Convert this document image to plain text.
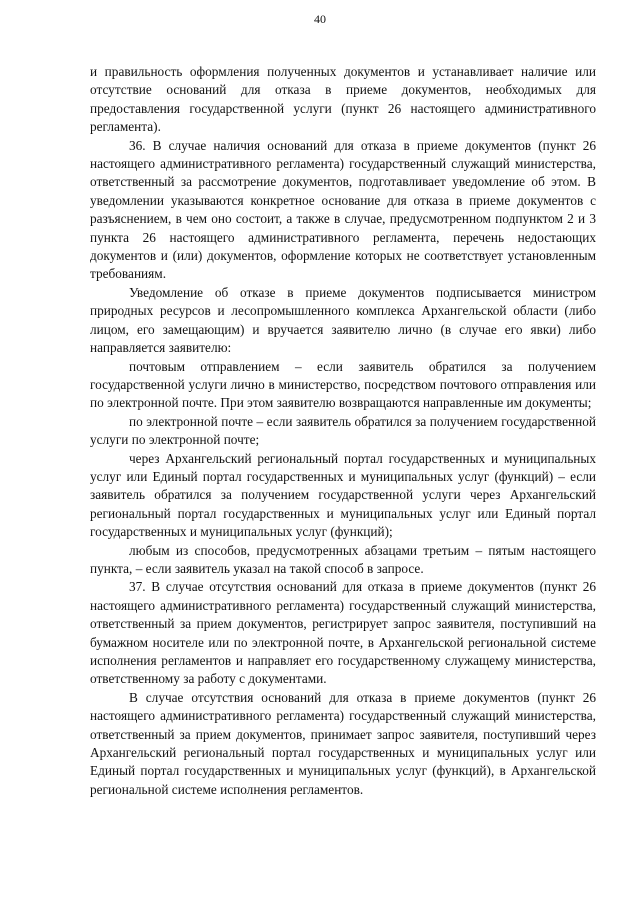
40

и правильность оформления полученных документов и устанавливает наличие или отсутствие оснований для отказа в приеме документов, необходимых для предоставления государственной услуги (пункт 26 настоящего административного регламента).

36. В случае наличия оснований для отказа в приеме документов (пункт 26 настоящего административного регламента) государственный служащий министерства, ответственный за рассмотрение документов, подготавливает уведомление об этом. В уведомлении указываются конкретное основание для отказа в приеме документов с разъяснением, в чем оно состоит, а также в случае, предусмотренном подпунктом 2 и 3 пункта 26 настоящего административного регламента, перечень недостающих документов и (или) документов, оформление которых не соответствует установленным требованиям.

Уведомление об отказе в приеме документов подписывается министром природных ресурсов и лесопромышленного комплекса Архангельской области (либо лицом, его замещающим) и вручается заявителю лично (в случае его явки) либо направляется заявителю:

почтовым отправлением – если заявитель обратился за получением государственной услуги лично в министерство, посредством почтового отправления или по электронной почте. При этом заявителю возвращаются направленные им документы;

по электронной почте – если заявитель обратился за получением государственной услуги по электронной почте;

через Архангельский региональный портал государственных и муниципальных услуг или Единый портал государственных и муниципальных услуг (функций) – если заявитель обратился за получением государственной услуги через Архангельский региональный портал государственных и муниципальных услуг или Единый портал государственных и муниципальных услуг (функций);

любым из способов, предусмотренных абзацами третьим – пятым настоящего пункта, – если заявитель указал на такой способ в запросе.

37. В случае отсутствия оснований для отказа в приеме документов (пункт 26 настоящего административного регламента) государственный служащий министерства, ответственный за прием документов, регистрирует запрос заявителя, поступивший на бумажном носителе или по электронной почте, в Архангельской региональной системе исполнения регламентов и направляет его государственному служащему министерства, ответственному за работу с документами.

В случае отсутствия оснований для отказа в приеме документов (пункт 26 настоящего административного регламента) государственный служащий министерства, ответственный за прием документов, принимает запрос заявителя, поступивший через Архангельский региональный портал государственных и муниципальных услуг или Единый портал государственных и муниципальных услуг (функций), в Архангельской региональной системе исполнения регламентов.
